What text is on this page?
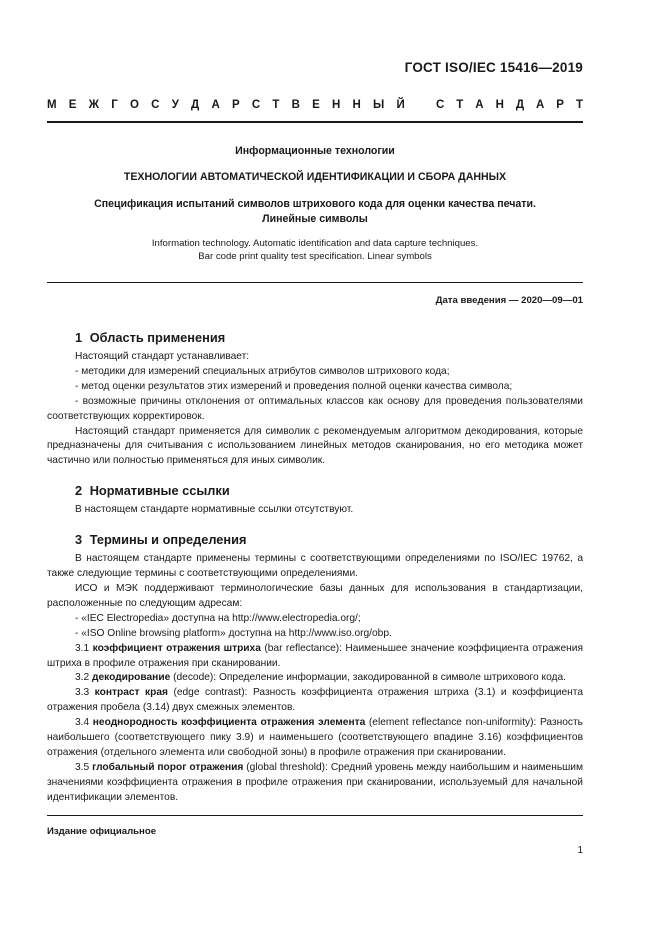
ГОСТ ISO/IEC 15416—2019
М Е Ж Г О С У Д А Р С Т В Е Н Н Ы Й	С Т А Н Д А Р Т
Информационные технологии
ТЕХНОЛОГИИ АВТОМАТИЧЕСКОЙ ИДЕНТИФИКАЦИИ И СБОРА ДАННЫХ
Спецификация испытаний символов штрихового кода для оценки качества печати.
Линейные символы
Information technology. Automatic identification and data capture techniques.
Bar code print quality test specification. Linear symbols
Дата введения — 2020—09—01
1 Область применения

Настоящий стандарт устанавливает:

- методики для измерений специальных атрибутов символов штрихового кода;

- метод оценки результатов этих измерений и проведения полной оценки качества символа;

- возможные причины отклонения от оптимальных классов как основу для проведения пользователями соответствующих корректировок.

Настоящий стандарт применяется для символик с рекомендуемым алгоритмом декодирования, которые предназначены для считывания с использованием линейных методов сканирования, но его методика может частично или полностью применяться для иных символик.

2 Нормативные ссылки

В настоящем стандарте нормативные ссылки отсутствуют.

3 Термины и определения

В настоящем стандарте применены термины с соответствующими определениями по ISO/IEC 19762, а также следующие термины с соответствующими определениями.

ИСО и МЭК поддерживают терминологические базы данных для использования в стандартизации, расположенные по следующим адресам:

- «IEC Electropedia» доступна на http://www.electropedia.org/;

- «ISO Online browsing platform» доступна на http://www.iso.org/obp.

3.1 коэффициент отражения штриха (bar reflectance): Наименьшее значение коэффициента отражения штриха в профиле отражения при сканировании.

3.2 декодирование (decode): Определение информации, закодированной в символе штрихового кода.

3.3 контраст края (edge contrast): Разность коэффициента отражения штриха (3.1) и коэффициента отражения пробела (3.14) двух смежных элементов.

3.4 неоднородность коэффициента отражения элемента (element reflectance non-uniformity): Разность наибольшего (соответствующего пику 3.9) и наименьшего (соответствующего впадине 3.16) коэффициентов отражения (отдельного элемента или свободной зоны) в профиле отражения при сканировании.

3.5 глобальный порог отражения (global threshold): Средний уровень между наибольшим и наименьшим значениями коэффициента отражения в профиле отражения при сканировании, используемый для начальной идентификации элементов.

Издание официальное
1
